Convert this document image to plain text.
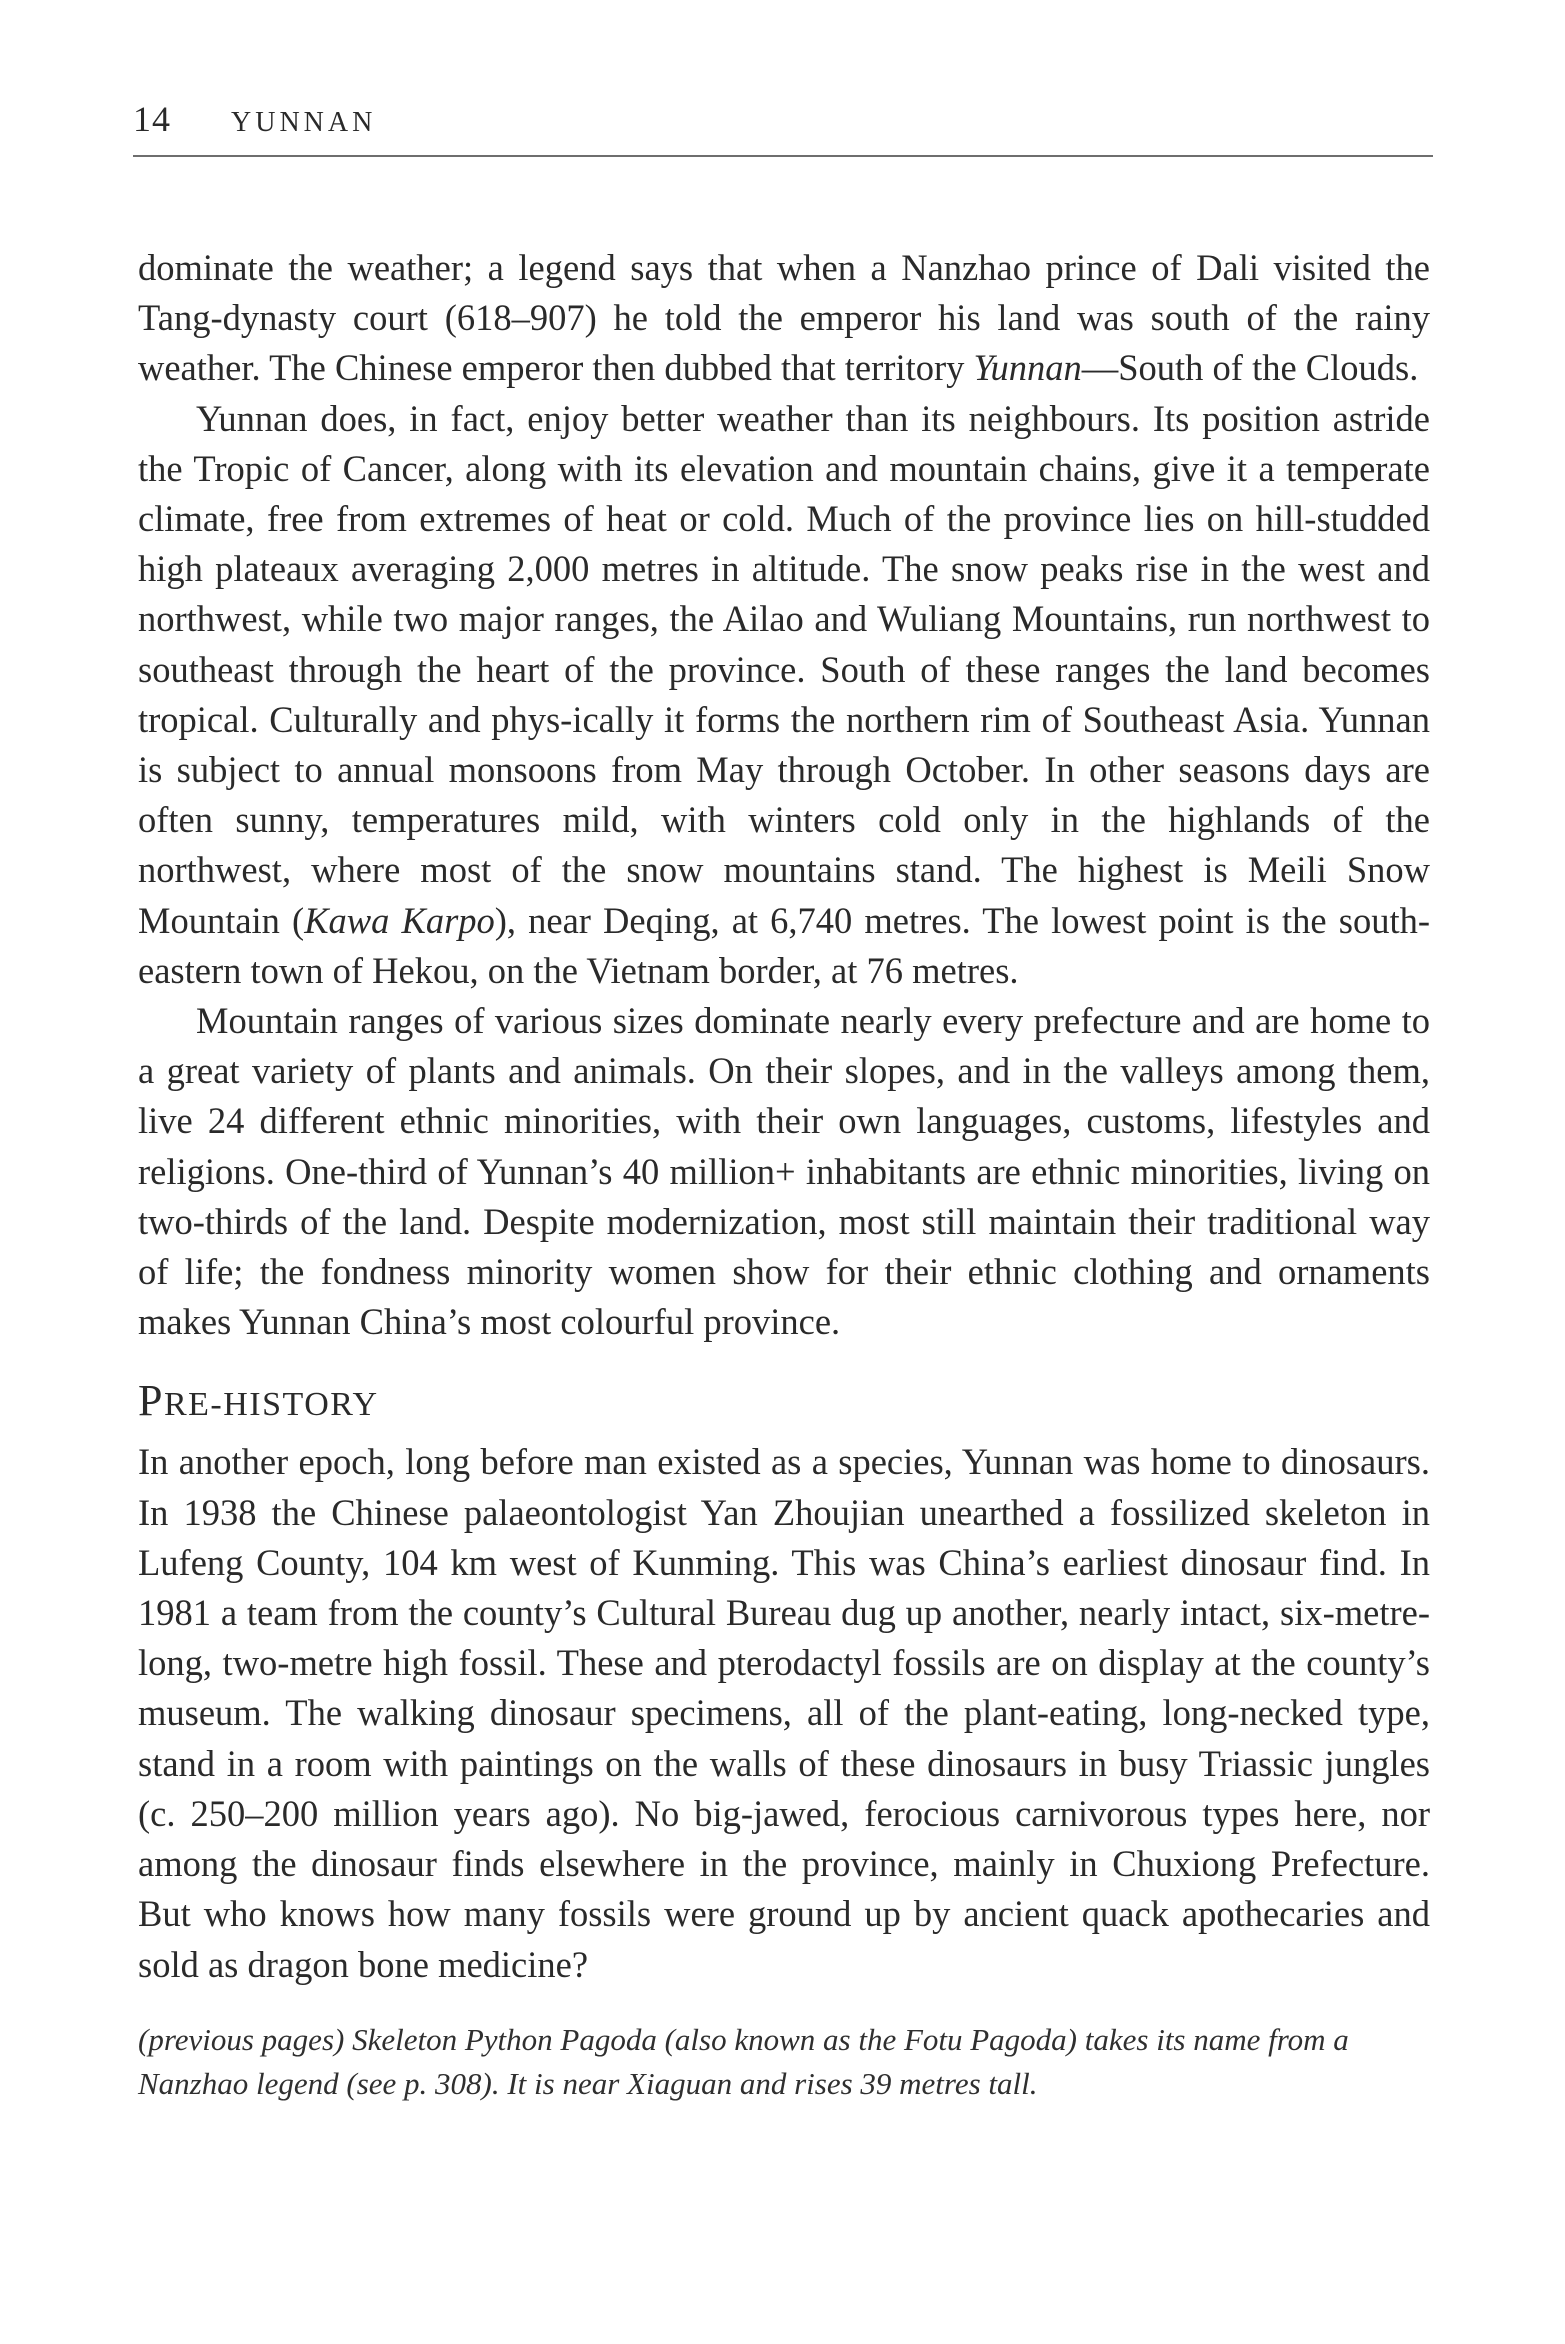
14 YUNNAN

dominate the weather; a legend says that when a Nanzhao prince of Dali visited the Tang-dynasty court (618–907) he told the emperor his land was south of the rainy weather. The Chinese emperor then dubbed that territory Yunnan—South of the Clouds.

Yunnan does, in fact, enjoy better weather than its neighbours. Its position astride the Tropic of Cancer, along with its elevation and mountain chains, give it a temperate climate, free from extremes of heat or cold. Much of the province lies on hill-studded high plateaux averaging 2,000 metres in altitude. The snow peaks rise in the west and northwest, while two major ranges, the Ailao and Wuliang Mountains, run northwest to southeast through the heart of the province. South of these ranges the land becomes tropical. Culturally and phys-ically it forms the northern rim of Southeast Asia. Yunnan is subject to annual monsoons from May through October. In other seasons days are often sunny, temperatures mild, with winters cold only in the highlands of the northwest, where most of the snow mountains stand. The highest is Meili Snow Mountain (Kawa Karpo), near Deqing, at 6,740 metres. The lowest point is the south-eastern town of Hekou, on the Vietnam border, at 76 metres.

Mountain ranges of various sizes dominate nearly every prefecture and are home to a great variety of plants and animals. On their slopes, and in the valleys among them, live 24 different ethnic minorities, with their own languages, customs, lifestyles and religions. One-third of Yunnan’s 40 million+ inhabitants are ethnic minorities, living on two-thirds of the land. Despite modernization, most still maintain their traditional way of life; the fondness minority women show for their ethnic clothing and ornaments makes Yunnan China’s most colourful province.

PRE-HISTORY

In another epoch, long before man existed as a species, Yunnan was home to dinosaurs. In 1938 the Chinese palaeontologist Yan Zhoujian unearthed a fossilized skeleton in Lufeng County, 104 km west of Kunming. This was China’s earliest dinosaur find. In 1981 a team from the county’s Cultural Bureau dug up another, nearly intact, six-metre-long, two-metre high fossil. These and pterodactyl fossils are on display at the county’s museum. The walking dinosaur specimens, all of the plant-eating, long-necked type, stand in a room with paintings on the walls of these dinosaurs in busy Triassic jungles (c. 250–200 million years ago). No big-jawed, ferocious carnivorous types here, nor among the dinosaur finds elsewhere in the province, mainly in Chuxiong Prefecture. But who knows how many fossils were ground up by ancient quack apothecaries and sold as dragon bone medicine?

(previous pages) Skeleton Python Pagoda (also known as the Fotu Pagoda) takes its name from a Nanzhao legend (see p. 308). It is near Xiaguan and rises 39 metres tall.
